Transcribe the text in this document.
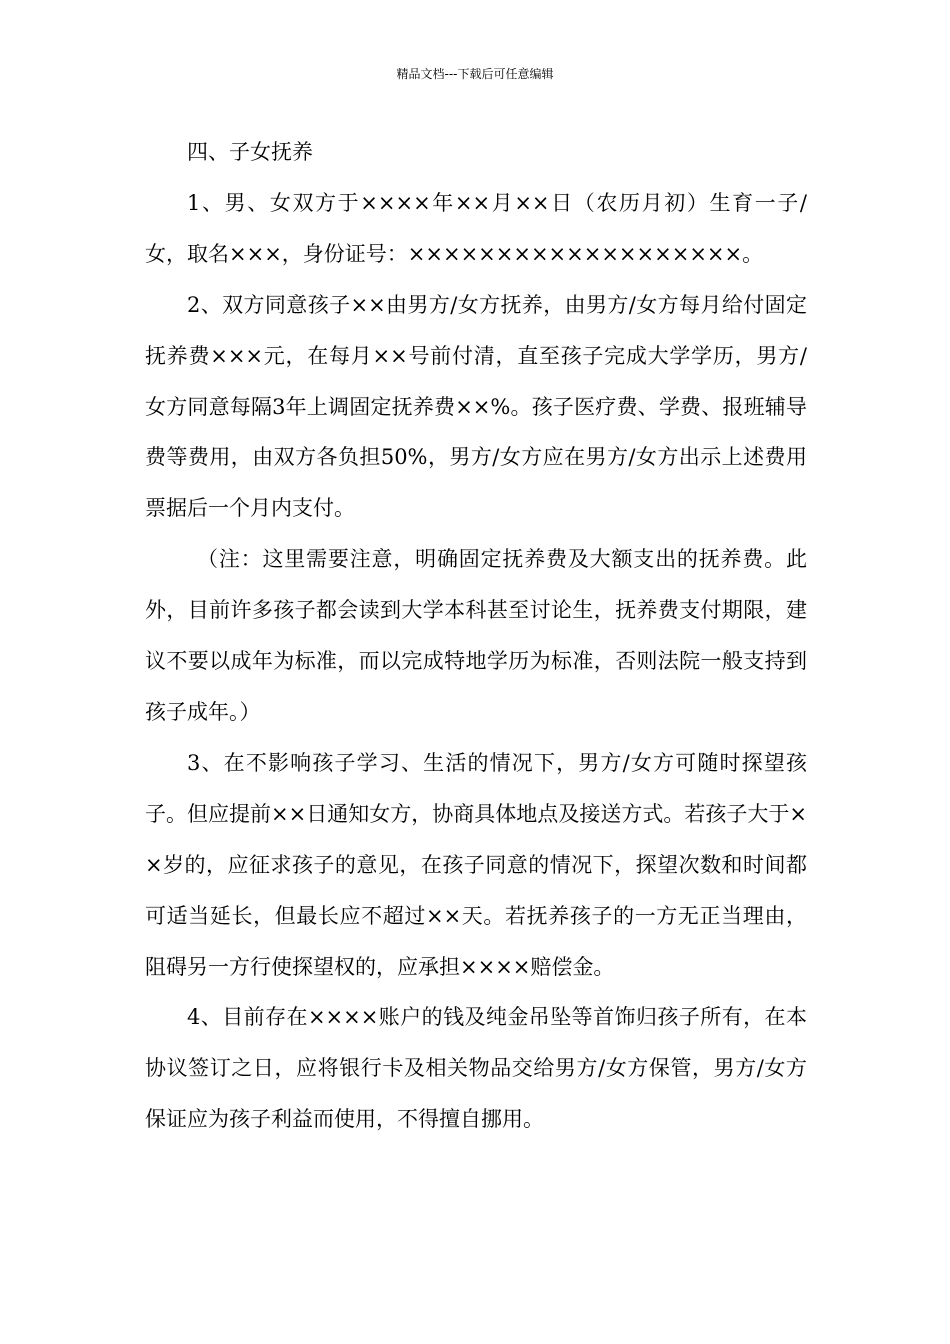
精品文档---下载后可任意编辑

四、子女抚养

1、男、女双方于××××年××月××日（农历月初）生育一子/女，取名×××，身份证号：×××××××××××××××××××。

2、双方同意孩子××由男方/女方抚养，由男方/女方每月给付固定抚养费×××元，在每月××号前付清，直至孩子完成大学学历，男方/女方同意每隔3年上调固定抚养费××%。孩子医疗费、学费、报班辅导费等费用，由双方各负担50%，男方/女方应在男方/女方出示上述费用票据后一个月内支付。

（注：这里需要注意，明确固定抚养费及大额支出的抚养费。此外，目前许多孩子都会读到大学本科甚至讨论生，抚养费支付期限，建议不要以成年为标准，而以完成特地学历为标准，否则法院一般支持到孩子成年。）

3、在不影响孩子学习、生活的情况下，男方/女方可随时探望孩子。但应提前××日通知女方，协商具体地点及接送方式。若孩子大于××岁的，应征求孩子的意见，在孩子同意的情况下，探望次数和时间都可适当延长，但最长应不超过××天。若抚养孩子的一方无正当理由，阻碍另一方行使探望权的，应承担××××赔偿金。

4、目前存在××××账户的钱及纯金吊坠等首饰归孩子所有，在本协议签订之日，应将银行卡及相关物品交给男方/女方保管，男方/女方保证应为孩子利益而使用，不得擅自挪用。
